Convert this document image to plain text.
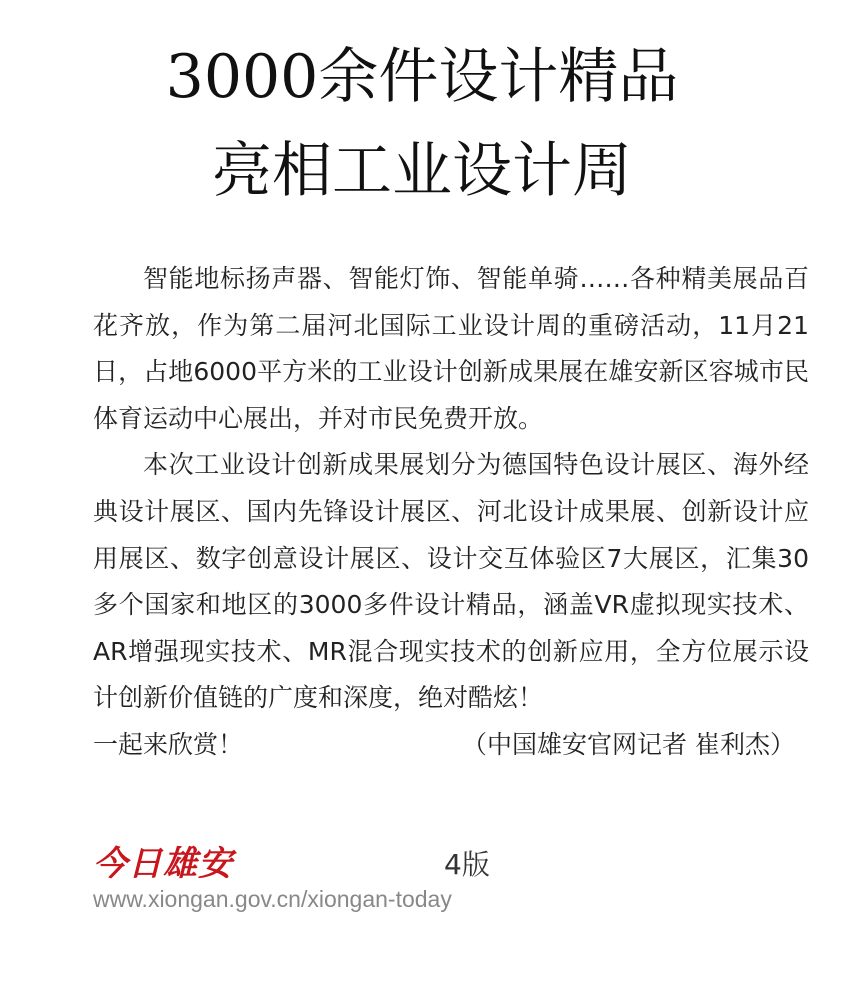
3000余件设计精品
亮相工业设计周

智能地标扬声器、智能灯饰、智能单骑……各种精美展品百花齐放，作为第二届河北国际工业设计周的重磅活动，11月21日，占地6000平方米的工业设计创新成果展在雄安新区容城市民体育运动中心展出，并对市民免费开放。

本次工业设计创新成果展划分为德国特色设计展区、海外经典设计展区、国内先锋设计展区、河北设计成果展、创新设计应用展区、数字创意设计展区、设计交互体验区7大展区，汇集30多个国家和地区的3000多件设计精品，涵盖VR虚拟现实技术、AR增强现实技术、MR混合现实技术的创新应用，全方位展示设计创新价值链的广度和深度，绝对酷炫！

一起来欣赏！	（中国雄安官网记者 崔利杰）
今日雄安	4版
www.xiongan.gov.cn/xiongan-today
